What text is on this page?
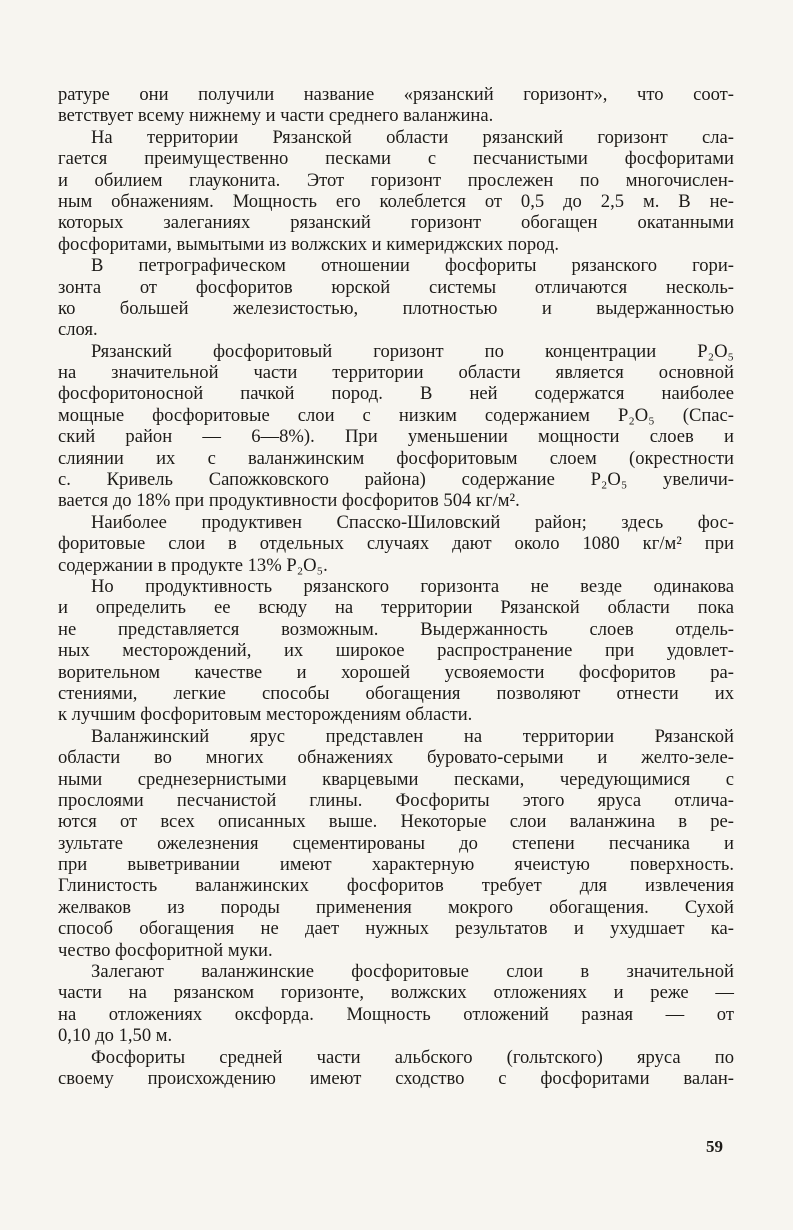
ратуре они получили название «рязанский горизонт», что соот-
ветствует всему нижнему и части среднего валанжина.
На территории Рязанской области рязанский горизонт сла-
гается преимущественно песками с песчанистыми фосфоритами
и обилием глауконита. Этот горизонт прослежен по многочислен-
ным обнажениям. Мощность его колеблется от 0,5 до 2,5 м. В не-
которых залеганиях рязанский горизонт обогащен окатанными
фосфоритами, вымытыми из волжских и кимериджских пород.
В петрографическом отношении фосфориты рязанского гори-
зонта от фосфоритов юрской системы отличаются несколь-
ко большей железистостью, плотностью и выдержанностью
слоя.
Рязанский фосфоритовый горизонт по концентрации P₂O₅
на значительной части территории области является основной
фосфоритоносной пачкой пород. В ней содержатся наиболее
мощные фосфоритовые слои с низким содержанием P₂O₅ (Спас-
ский район — 6—8%). При уменьшении мощности слоев и
слиянии их с валанжинским фосфоритовым слоем (окрестности
с. Кривель Сапожковского района) содержание P₂O₅ увеличи-
вается до 18% при продуктивности фосфоритов 504 кг/м².
Наиболее продуктивен Спасско-Шиловский район; здесь фос-
форитовые слои в отдельных случаях дают около 1080 кг/м² при
содержании в продукте 13% P₂O₅.
Но продуктивность рязанского горизонта не везде одинакова
и определить ее всюду на территории Рязанской области пока
не представляется возможным. Выдержанность слоев отдель-
ных месторождений, их широкое распространение при удовлет-
ворительном качестве и хорошей усвояемости фосфоритов ра-
стениями, легкие способы обогащения позволяют отнести их
к лучшим фосфоритовым месторождениям области.
Валанжинский ярус представлен на территории Рязанской
области во многих обнажениях буровато-серыми и желто-зеле-
ными среднезернистыми кварцевыми песками, чередующимися с
прослоями песчанистой глины. Фосфориты этого яруса отлича-
ются от всех описанных выше. Некоторые слои валанжина в ре-
зультате ожелезнения сцементированы до степени песчаника и
при выветривании имеют характерную ячеистую поверхность.
Глинистость валанжинских фосфоритов требует для извлечения
желваков из породы применения мокрого обогащения. Сухой
способ обогащения не дает нужных результатов и ухудшает ка-
чество фосфоритной муки.
Залегают валанжинские фосфоритовые слои в значительной
части на рязанском горизонте, волжских отложениях и реже —
на отложениях оксфорда. Мощность отложений разная — от
0,10 до 1,50 м.
Фосфориты средней части альбского (гольтского) яруса по
своему происхождению имеют сходство с фосфоритами валан-
59
